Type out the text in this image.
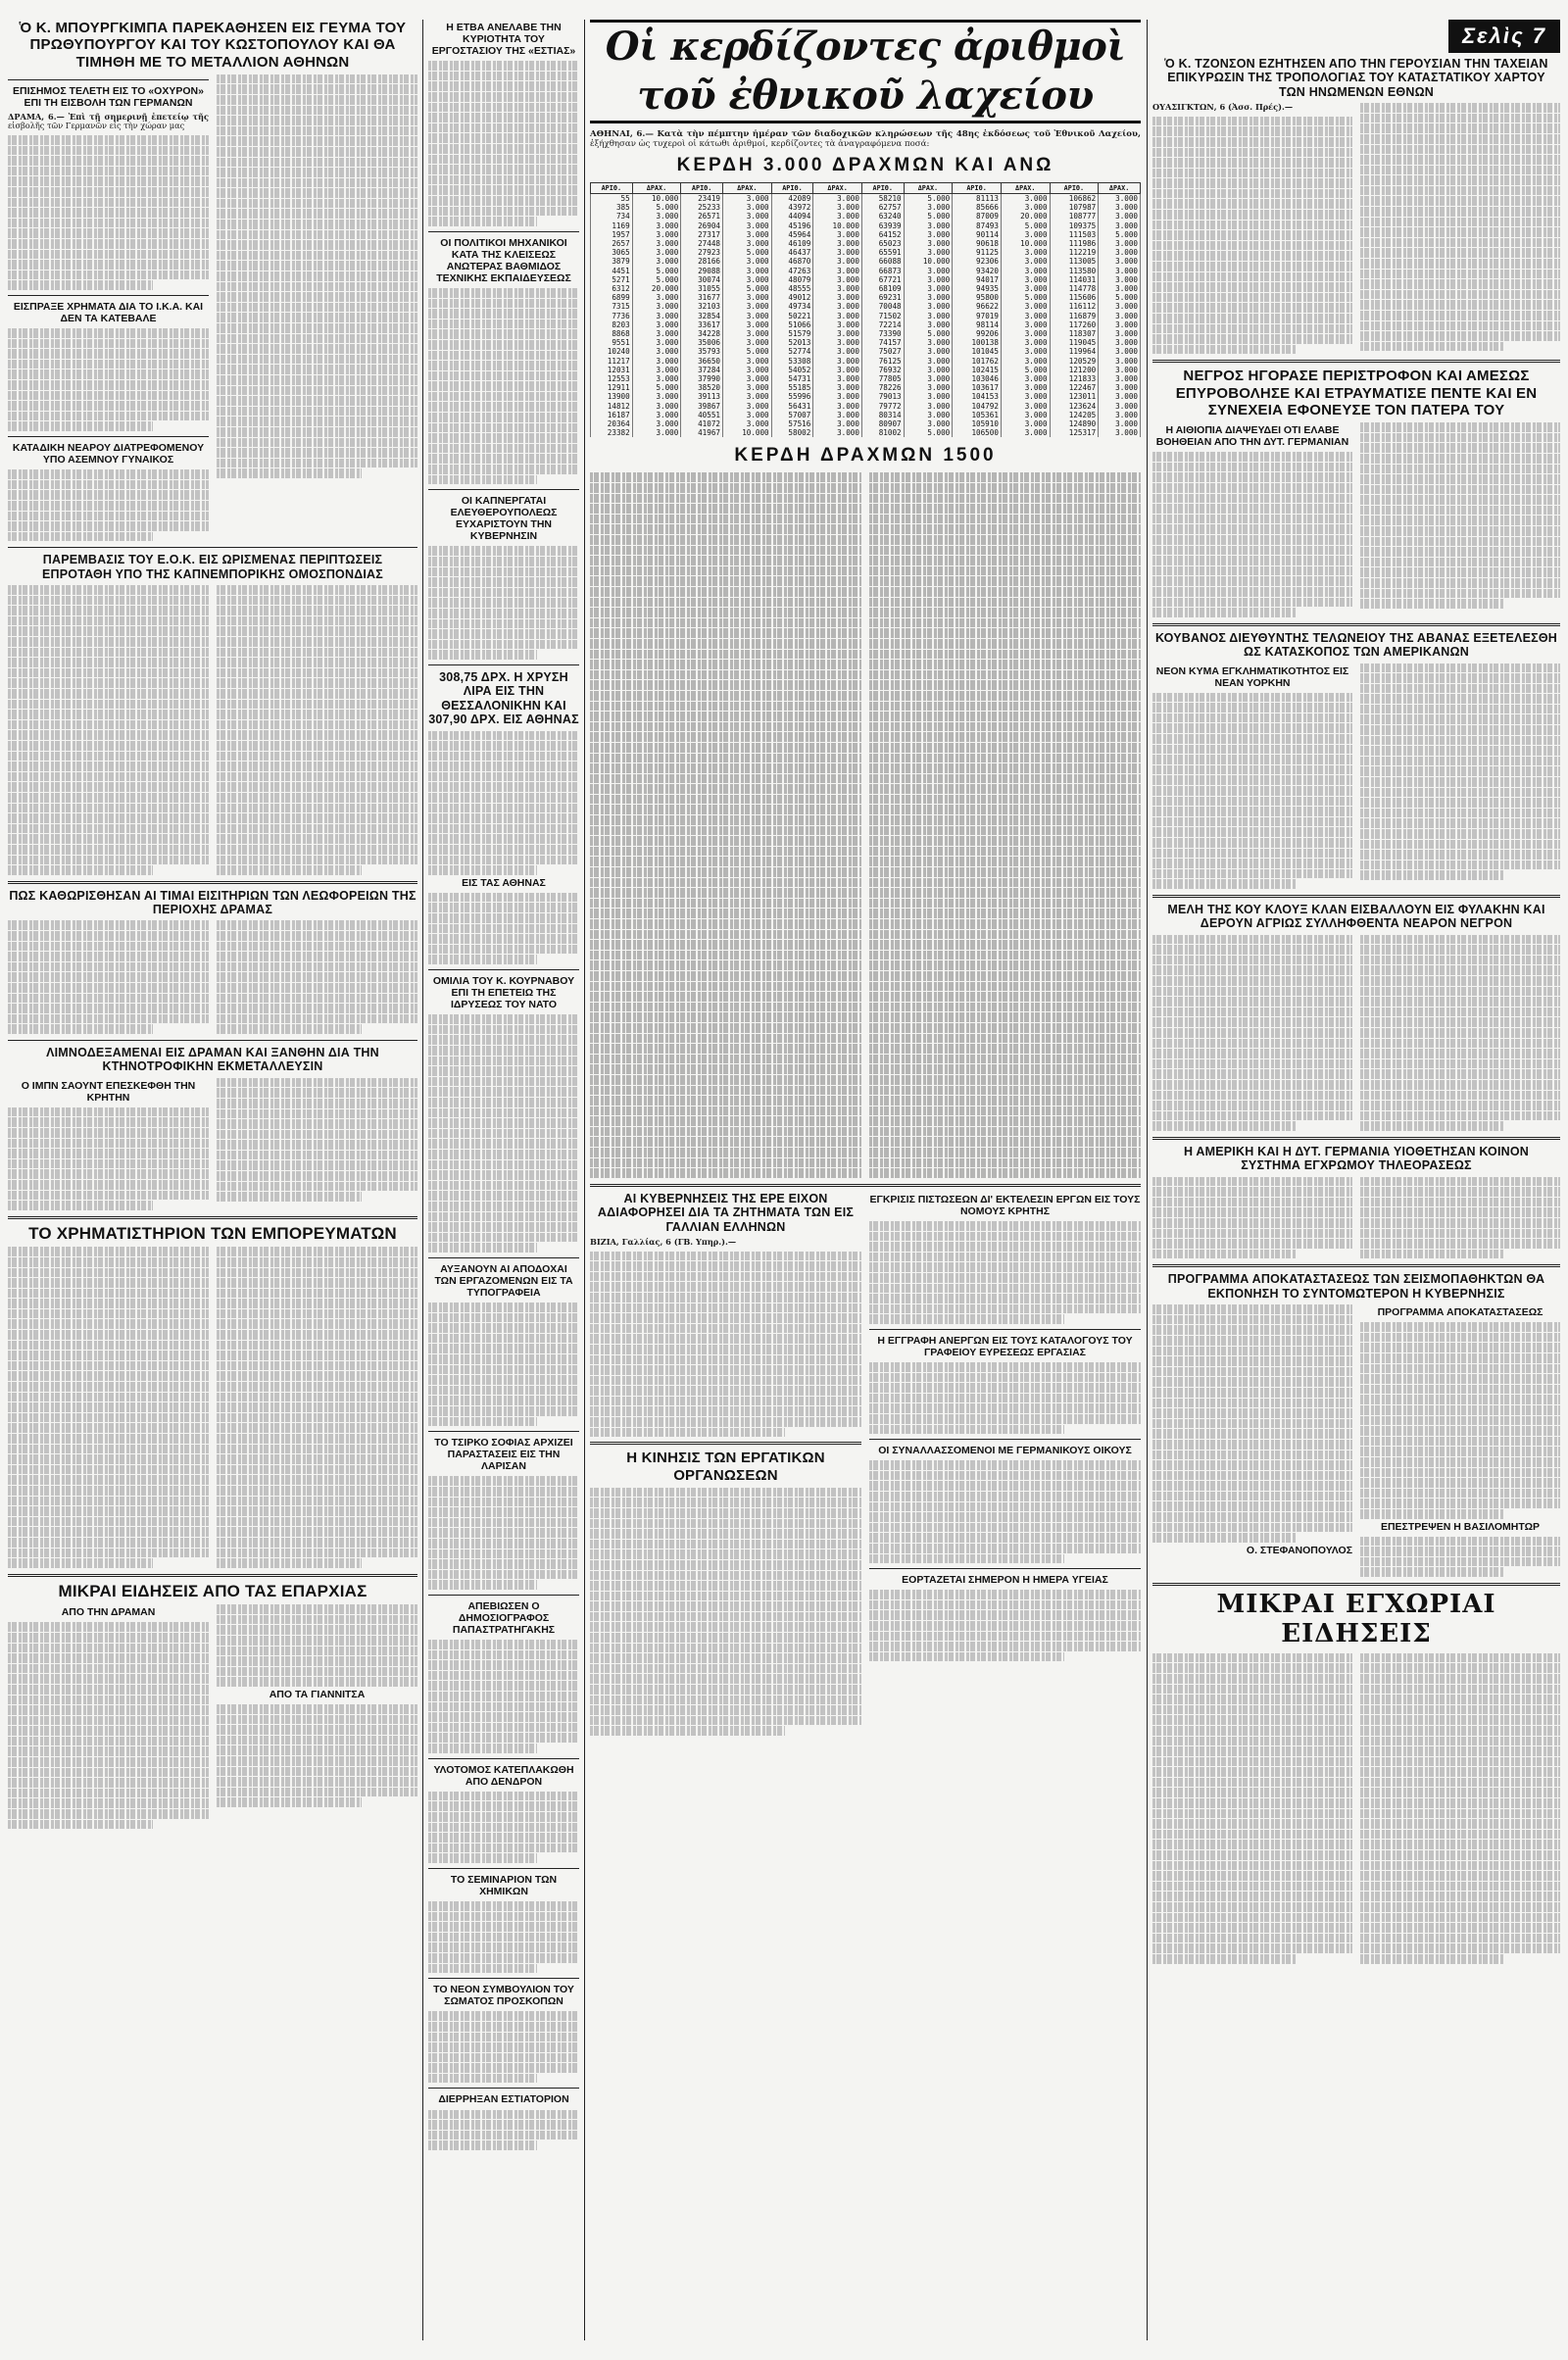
Ὁ Κ. ΜΠΟΥΡΓΚΙΜΠΑ ΠΑΡΕΚΑΘΗΣΕΝ ΕΙΣ ΓΕΥΜΑ ΤΟΥ ΠΡΩΘΥΠΟΥΡΓΟΥ ΚΑΙ ΤΟΥ ΚΩΣΤΟΠΟΥΛΟΥ ΚΑΙ ΘΑ ΤΙΜΗΘΗ ΜΕ ΤΟ ΜΕΤΑΛΛΙΟΝ ΑΘΗΝΩΝ
ΕΠΙΣΗΜΟΣ ΤΕΛΕΤΗ ΕΙΣ ΤΟ «ΟΧΥΡΟΝ» ΕΠΙ ΤΗ ΕΙΣΒΟΛΗ ΤΩΝ ΓΕΡΜΑΝΩΝ
ΔΡΑΜΑ, 6.— Ἐπὶ τῇ σημερινῇ ἐπετείῳ τῆς εἰσβολῆς τῶν Γερμανῶν εἰς τὴν χώραν μας
ΕΙΣΠΡΑΞΕ ΧΡΗΜΑΤΑ ΔΙΑ ΤΟ Ι.Κ.Α. ΚΑΙ ΔΕΝ ΤΑ ΚΑΤΕΒΑΛΕ
ΚΑΤΑΔΙΚΗ ΝΕΑΡΟΥ ΔΙΑΤΡΕΦΟΜΕΝΟΥ ΥΠΟ ΑΣΕΜΝΟΥ ΓΥΝΑΙΚΟΣ
ΠΑΡΕΜΒΑΣΙΣ ΤΟΥ Ε.Ο.Κ. ΕΙΣ ΩΡΙΣΜΕΝΑΣ ΠΕΡΙΠΤΩΣΕΙΣ ΕΠΡΟΤΑΘΗ ΥΠΟ ΤΗΣ ΚΑΠΝΕΜΠΟΡΙΚΗΣ ΟΜΟΣΠΟΝΔΙΑΣ
ΠΩΣ ΚΑΘΩΡΙΣΘΗΣΑΝ ΑΙ ΤΙΜΑΙ ΕΙΣΙΤΗΡΙΩΝ ΤΩΝ ΛΕΩΦΟΡΕΙΩΝ ΤΗΣ ΠΕΡΙΟΧΗΣ ΔΡΑΜΑΣ
ΛΙΜΝΟΔΕΞΑΜΕΝΑΙ ΕΙΣ ΔΡΑΜΑΝ ΚΑΙ ΞΑΝΘΗΝ ΔΙΑ ΤΗΝ ΚΤΗΝΟΤΡΟΦΙΚΗΝ ΕΚΜΕΤΑΛΛΕΥΣΙΝ
Ο ΙΜΠΝ ΣΑΟΥΝΤ ΕΠΕΣΚΕΦΘΗ ΤΗΝ ΚΡΗΤΗΝ
ΤΟ ΧΡΗΜΑΤΙΣΤΗΡΙΟΝ ΤΩΝ ΕΜΠΟΡΕΥΜΑΤΩΝ
ΜΙΚΡΑΙ ΕΙΔΗΣΕΙΣ ΑΠΟ ΤΑΣ ΕΠΑΡΧΙΑΣ
ΑΠΟ ΤΗΝ ΔΡΑΜΑΝ
ΑΠΟ ΤΑ ΓΙΑΝΝΙΤΣΑ
Η ΕΤΒΑ ΑΝΕΛΑΒΕ ΤΗΝ ΚΥΡΙΟΤΗΤΑ ΤΟΥ ΕΡΓΟΣΤΑΣΙΟΥ ΤΗΣ «ΕΣΤΙΑΣ»
ΟΙ ΠΟΛΙΤΙΚΟΙ ΜΗΧΑΝΙΚΟΙ ΚΑΤΑ ΤΗΣ ΚΛΕΙΣΕΩΣ ΑΝΩΤΕΡΑΣ ΒΑΘΜΙΔΟΣ ΤΕΧΝΙΚΗΣ ΕΚΠΑΙΔΕΥΣΕΩΣ
ΟΙ ΚΑΠΝΕΡΓΑΤΑΙ ΕΛΕΥΘΕΡΟΥΠΟΛΕΩΣ ΕΥΧΑΡΙΣΤΟΥΝ ΤΗΝ ΚΥΒΕΡΝΗΣΙΝ
308,75 ΔΡΧ. Η ΧΡΥΣΗ ΛΙΡΑ ΕΙΣ ΤΗΝ ΘΕΣΣΑΛΟΝΙΚΗΝ ΚΑΙ 307,90 ΔΡΧ. ΕΙΣ ΑΘΗΝΑΣ
ΕΙΣ ΤΑΣ ΑΘΗΝΑΣ
ΟΜΙΛΙΑ ΤΟΥ Κ. ΚΟΥΡΝΑΒΟΥ ΕΠΙ ΤΗ ΕΠΕΤΕΙΩ ΤΗΣ ΙΔΡΥΣΕΩΣ ΤΟΥ ΝΑΤΟ
ΑΥΞΑΝΟΥΝ ΑΙ ΑΠΟΔΟΧΑΙ ΤΩΝ ΕΡΓΑΖΟΜΕΝΩΝ ΕΙΣ ΤΑ ΤΥΠΟΓΡΑΦΕΙΑ
ΤΟ ΤΣΙΡΚΟ ΣΟΦΙΑΣ ΑΡΧΙΖΕΙ ΠΑΡΑΣΤΑΣΕΙΣ ΕΙΣ ΤΗΝ ΛΑΡΙΣΑΝ
ΑΠΕΒΙΩΣΕΝ Ο ΔΗΜΟΣΙΟΓΡΑΦΟΣ ΠΑΠΑΣΤΡΑΤΗΓΑΚΗΣ
ΥΛΟΤΟΜΟΣ ΚΑΤΕΠΛΑΚΩΘΗ ΑΠΟ ΔΕΝΔΡΟΝ
ΤΟ ΣΕΜΙΝΑΡΙΟΝ ΤΩΝ ΧΗΜΙΚΩΝ
ΤΟ ΝΕΟΝ ΣΥΜΒΟΥΛΙΟΝ ΤΟΥ ΣΩΜΑΤΟΣ ΠΡΟΣΚΟΠΩΝ
ΔΙΕΡΡΗΞΑΝ ΕΣΤΙΑΤΟΡΙΟΝ
Οἱ κερδίζοντες ἀριθμοὶ τοῦ ἐθνικοῦ λαχείου
ΑΘΗΝΑΙ, 6.— Κατὰ τὴν πέμπτην ἡμέραν τῶν διαδοχικῶν κληρώσεων τῆς 48ης ἐκδόσεως τοῦ Ἐθνικοῦ Λαχείου, ἐξήχθησαν ὡς τυχεροὶ οἱ κάτωθι ἀριθμοί, κερδίζοντες τὰ ἀναγραφόμενα ποσά:
ΚΕΡΔΗ 3.000 ΔΡΑΧΜΩΝ ΚΑΙ ΑΝΩ
ΑΡΙΘ.	ΔΡΑΧ.	ΑΡΙΘ.	ΔΡΑΧ.	ΑΡΙΘ.	ΔΡΑΧ.	ΑΡΙΘ.	ΔΡΑΧ.	ΑΡΙΘ.	ΔΡΑΧ.	ΑΡΙΘ.	ΔΡΑΧ.
55	10.000	23419	3.000	42089	3.000	58210	5.000	81113	3.000	106862	3.000
385	5.000	25233	3.000	43972	3.000	62757	3.000	85666	3.000	107987	3.000
734	3.000	26571	3.000	44094	3.000	63240	5.000	87009	20.000	108777	3.000
1169	3.000	26904	3.000	45196	10.000	63939	3.000	87493	5.000	109375	3.000
1957	3.000	27317	3.000	45964	3.000	64152	3.000	90114	3.000	111503	5.000
2657	3.000	27448	3.000	46109	3.000	65023	3.000	90618	10.000	111986	3.000
3065	3.000	27923	5.000	46437	3.000	65591	3.000	91125	3.000	112219	3.000
3879	3.000	28166	3.000	46870	3.000	66088	10.000	92306	3.000	113005	3.000
4451	5.000	29088	3.000	47263	3.000	66873	3.000	93420	3.000	113580	3.000
5271	5.000	30074	3.000	48079	3.000	67721	3.000	94017	3.000	114031	3.000
6312	20.000	31055	5.000	48555	3.000	68109	3.000	94935	3.000	114778	3.000
6899	3.000	31677	3.000	49012	3.000	69231	3.000	95800	5.000	115606	5.000
7315	3.000	32103	3.000	49734	3.000	70048	3.000	96622	3.000	116112	3.000
7736	3.000	32854	3.000	50221	3.000	71502	3.000	97019	3.000	116879	3.000
8203	3.000	33617	3.000	51066	3.000	72214	3.000	98114	3.000	117260	3.000
8868	3.000	34228	3.000	51579	3.000	73390	5.000	99206	3.000	118307	3.000
9551	3.000	35006	3.000	52013	3.000	74157	3.000	100138	3.000	119045	3.000
10240	3.000	35793	5.000	52774	3.000	75027	3.000	101045	3.000	119964	3.000
11217	3.000	36650	3.000	53308	3.000	76125	3.000	101762	3.000	120529	3.000
12031	3.000	37284	3.000	54052	3.000	76932	3.000	102415	5.000	121200	3.000
12553	3.000	37990	3.000	54731	3.000	77805	3.000	103046	3.000	121833	3.000
12911	5.000	38520	3.000	55185	3.000	78226	3.000	103617	3.000	122467	3.000
13900	3.000	39113	3.000	55996	3.000	79013	3.000	104153	3.000	123011	3.000
14812	3.000	39867	3.000	56431	3.000	79772	3.000	104792	3.000	123624	3.000
16187	3.000	40551	3.000	57007	3.000	80314	3.000	105361	3.000	124205	3.000
20364	3.000	41072	3.000	57516	3.000	80907	3.000	105910	3.000	124890	3.000
23382	3.000	41967	10.000	58002	3.000	81002	5.000	106500	3.000	125317	3.000
ΚΕΡΔΗ ΔΡΑΧΜΩΝ 1500
ΑΙ ΚΥΒΕΡΝΗΣΕΙΣ ΤΗΣ ΕΡΕ ΕΙΧΟΝ ΑΔΙΑΦΟΡΗΣΕΙ ΔΙΑ ΤΑ ΖΗΤΗΜΑΤΑ ΤΩΝ ΕΙΣ ΓΑΛΛΙΑΝ ΕΛΛΗΝΩΝ
ΒΙΖΙΑ, Γαλλίας, 6 (ΓΒ. Υπηρ.).—
Η ΚΙΝΗΣΙΣ ΤΩΝ ΕΡΓΑΤΙΚΩΝ ΟΡΓΑΝΩΣΕΩΝ
ΕΓΚΡΙΣΙΣ ΠΙΣΤΩΣΕΩΝ ΔΙ' ΕΚΤΕΛΕΣΙΝ ΕΡΓΩΝ ΕΙΣ ΤΟΥΣ ΝΟΜΟΥΣ ΚΡΗΤΗΣ
Η ΕΓΓΡΑΦΗ ΑΝΕΡΓΩΝ ΕΙΣ ΤΟΥΣ ΚΑΤΑΛΟΓΟΥΣ ΤΟΥ ΓΡΑΦΕΙΟΥ ΕΥΡΕΣΕΩΣ ΕΡΓΑΣΙΑΣ
ΟΙ ΣΥΝΑΛΛΑΣΣΟΜΕΝΟΙ ΜΕ ΓΕΡΜΑΝΙΚΟΥΣ ΟΙΚΟΥΣ
ΕΟΡΤΑΖΕΤΑΙ ΣΗΜΕΡΟΝ Η ΗΜΕΡΑ ΥΓΕΙΑΣ
Σελὶς 7
Ὁ Κ. ΤΖΟΝΣΟΝ ΕΖΗΤΗΣΕΝ ΑΠΟ ΤΗΝ ΓΕΡΟΥΣΙΑΝ ΤΗΝ ΤΑΧΕΙΑΝ ΕΠΙΚΥΡΩΣΙΝ ΤΗΣ ΤΡΟΠΟΛΟΓΙΑΣ ΤΟΥ ΚΑΤΑΣΤΑΤΙΚΟΥ ΧΑΡΤΟΥ ΤΩΝ ΗΝΩΜΕΝΩΝ ΕΘΝΩΝ
ΟΥΑΣΙΓΚΤΩΝ, 6 (Ἀσσ. Πρές).—
ΝΕΓΡΟΣ ΗΓΟΡΑΣΕ ΠΕΡΙΣΤΡΟΦΟΝ ΚΑΙ ΑΜΕΣΩΣ ΕΠΥΡΟΒΟΛΗΣΕ ΚΑΙ ΕΤΡΑΥΜΑΤΙΣΕ ΠΕΝΤΕ ΚΑΙ ΕΝ ΣΥΝΕΧΕΙΑ ΕΦΟΝΕΥΣΕ ΤΟΝ ΠΑΤΕΡΑ ΤΟΥ
Η ΑΙΘΙΟΠΙΑ ΔΙΑΨΕΥΔΕΙ ΟΤΙ ΕΛΑΒΕ ΒΟΗΘΕΙΑΝ ΑΠΟ ΤΗΝ ΔΥΤ. ΓΕΡΜΑΝΙΑΝ
ΚΟΥΒΑΝΟΣ ΔΙΕΥΘΥΝΤΗΣ ΤΕΛΩΝΕΙΟΥ ΤΗΣ ΑΒΑΝΑΣ ΕΞΕΤΕΛΕΣΘΗ ΩΣ ΚΑΤΑΣΚΟΠΟΣ ΤΩΝ ΑΜΕΡΙΚΑΝΩΝ
ΝΕΟΝ ΚΥΜΑ ΕΓΚΛΗΜΑΤΙΚΟΤΗΤΟΣ ΕΙΣ ΝΕΑΝ ΥΟΡΚΗΝ
ΜΕΛΗ ΤΗΣ ΚΟΥ ΚΛΟΥΞ ΚΛΑΝ ΕΙΣΒΑΛΛΟΥΝ ΕΙΣ ΦΥΛΑΚΗΝ ΚΑΙ ΔΕΡΟΥΝ ΑΓΡΙΩΣ ΣΥΛΛΗΦΘΕΝΤΑ ΝΕΑΡΟΝ ΝΕΓΡΟΝ
Η ΑΜΕΡΙΚΗ ΚΑΙ Η ΔΥΤ. ΓΕΡΜΑΝΙΑ ΥΙΟΘΕΤΗΣΑΝ ΚΟΙΝΟΝ ΣΥΣΤΗΜΑ ΕΓΧΡΩΜΟΥ ΤΗΛΕΟΡΑΣΕΩΣ
ΠΡΟΓΡΑΜΜΑ ΑΠΟΚΑΤΑΣΤΑΣΕΩΣ ΤΩΝ ΣΕΙΣΜΟΠΑΘΗΚΤΩΝ ΘΑ ΕΚΠΟΝΗΣΗ ΤΟ ΣΥΝΤΟΜΩΤΕΡΟΝ Η ΚΥΒΕΡΝΗΣΙΣ
Ο. ΣΤΕΦΑΝΟΠΟΥΛΟΣ
ΠΡΟΓΡΑΜΜΑ ΑΠΟΚΑΤΑΣΤΑΣΕΩΣ
ΕΠΕΣΤΡΕΨΕΝ Η ΒΑΣΙΛΟΜΗΤΩΡ
ΜΙΚΡΑΙ ΕΓΧΩΡΙΑΙ ΕΙΔΗΣΕΙΣ
